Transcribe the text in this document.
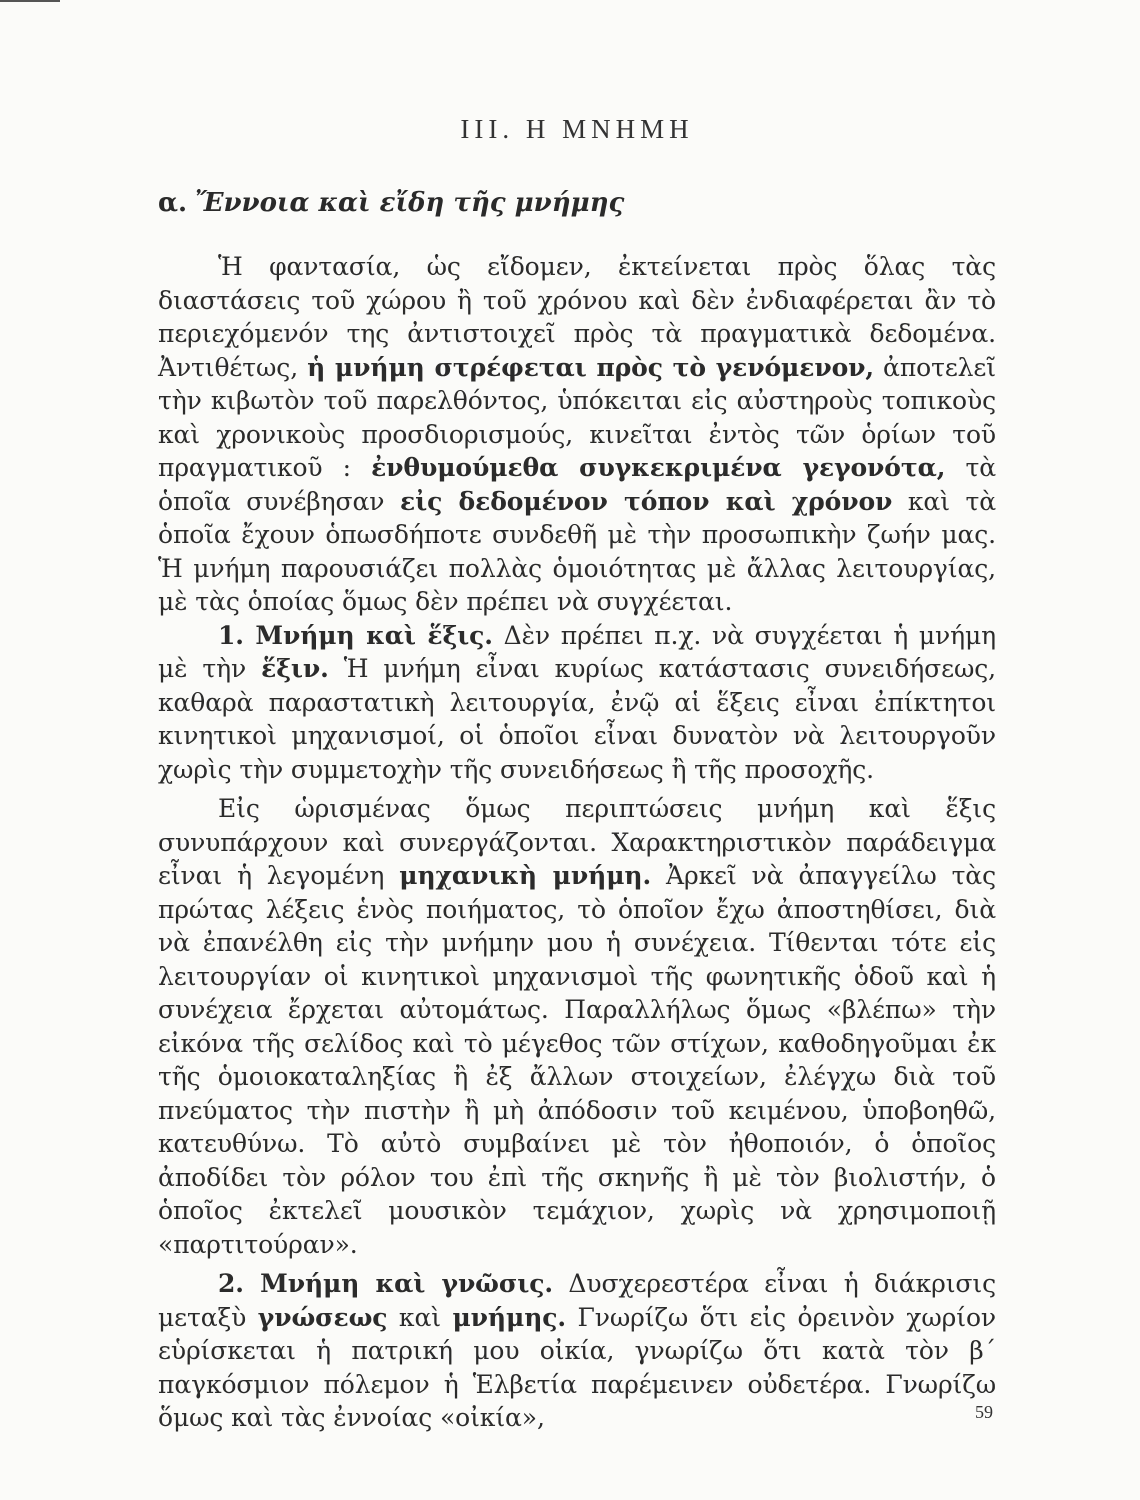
III. Η ΜΝΗΜΗ
α. Ἔννοια καὶ εἴδη τῆς μνήμης

Ἡ φαντασία, ὡς εἴδομεν, ἐκτείνεται πρὸς ὅλας τὰς διαστάσεις τοῦ χώρου ἢ τοῦ χρόνου καὶ δὲν ἐνδιαφέρεται ἂν τὸ περιεχόμενόν της ἀντιστοιχεῖ πρὸς τὰ πραγματικὰ δεδομένα. Ἀντιθέτως, ἡ μνήμη στρέφεται πρὸς τὸ γενόμενον, ἀποτελεῖ τὴν κιβωτὸν τοῦ παρελθόντος, ὑπόκειται εἰς αὐστηροὺς τοπικοὺς καὶ χρονικοὺς προσδιορισμούς, κινεῖται ἐντὸς τῶν ὁρίων τοῦ πραγματικοῦ : ἐνθυμούμεθα συγκεκριμένα γεγονότα, τὰ ὁποῖα συνέβησαν εἰς δεδομένον τόπον καὶ χρόνον καὶ τὰ ὁποῖα ἔχουν ὁπωσδήποτε συνδεθῆ μὲ τὴν προσωπικὴν ζωήν μας. Ἡ μνήμη παρουσιάζει πολλὰς ὁμοιότητας μὲ ἄλλας λειτουργίας, μὲ τὰς ὁποίας ὅμως δὲν πρέπει νὰ συγχέεται.

1. Μνήμη καὶ ἕξις. Δὲν πρέπει π.χ. νὰ συγχέεται ἡ μνήμη μὲ τὴν ἕξιν. Ἡ μνήμη εἶναι κυρίως κατάστασις συνειδήσεως, καθαρὰ παραστατικὴ λειτουργία, ἐνῷ αἱ ἕξεις εἶναι ἐπίκτητοι κινητικοὶ μηχανισμοί, οἱ ὁποῖοι εἶναι δυνατὸν νὰ λειτουργοῦν χωρὶς τὴν συμμετοχὴν τῆς συνειδήσεως ἢ τῆς προσοχῆς.

Εἰς ὡρισμένας ὅμως περιπτώσεις μνήμη καὶ ἕξις συνυπάρχουν καὶ συνεργάζονται. Χαρακτηριστικὸν παράδειγμα εἶναι ἡ λεγομένη μηχανικὴ μνήμη. Ἀρκεῖ νὰ ἀπαγγείλω τὰς πρώτας λέξεις ἑνὸς ποιήματος, τὸ ὁποῖον ἔχω ἀποστηθίσει, διὰ νὰ ἐπανέλθη εἰς τὴν μνήμην μου ἡ συνέχεια. Τίθενται τότε εἰς λειτουργίαν οἱ κινητικοὶ μηχανισμοὶ τῆς φωνητικῆς ὁδοῦ καὶ ἡ συνέχεια ἔρχεται αὐτομάτως. Παραλλήλως ὅμως «βλέπω» τὴν εἰκόνα τῆς σελίδος καὶ τὸ μέγεθος τῶν στίχων, καθοδηγοῦμαι ἐκ τῆς ὁμοιοκαταληξίας ἢ ἐξ ἄλλων στοιχείων, ἐλέγχω διὰ τοῦ πνεύματος τὴν πιστὴν ἢ μὴ ἀπόδοσιν τοῦ κειμένου, ὑποβοηθῶ, κατευθύνω. Τὸ αὐτὸ συμβαίνει μὲ τὸν ἠθοποιόν, ὁ ὁποῖος ἀποδίδει τὸν ρόλον του ἐπὶ τῆς σκηνῆς ἢ μὲ τὸν βιολιστήν, ὁ ὁποῖος ἐκτελεῖ μουσικὸν τεμάχιον, χωρὶς νὰ χρησιμοποιῇ «παρτιτούραν».

2. Μνήμη καὶ γνῶσις. Δυσχερεστέρα εἶναι ἡ διάκρισις μεταξὺ γνώσεως καὶ μνήμης. Γνωρίζω ὅτι εἰς ὀρεινὸν χωρίον εὑρίσκεται ἡ πατρική μου οἰκία, γνωρίζω ὅτι κατὰ τὸν β΄ παγκόσμιον πόλεμον ἡ Ἑλβετία παρέμεινεν οὐδετέρα. Γνωρίζω ὅμως καὶ τὰς ἐννοίας «οἰκία»,	59
